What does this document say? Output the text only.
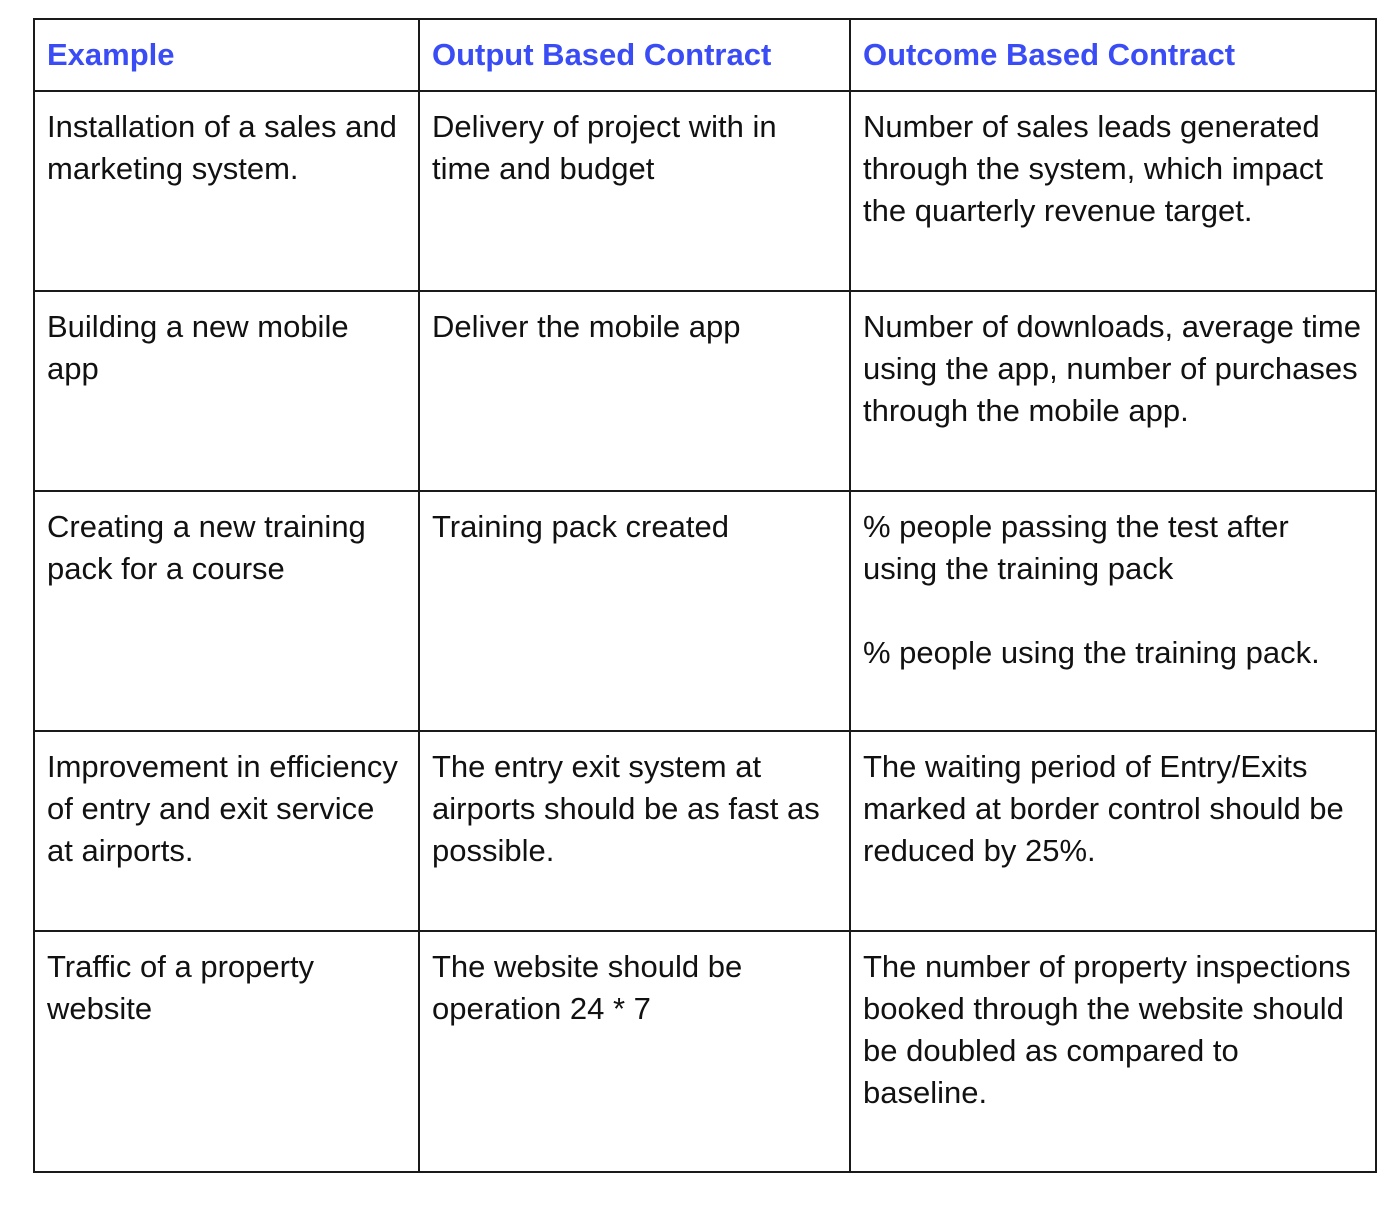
Example	Output Based Contract	Outcome Based Contract
Installation of a sales and marketing system.	Delivery of project with in time and budget	Number of sales leads generated through the system, which impact the quarterly revenue target.

Building a new mobile app	Deliver the mobile app	Number of downloads, average time using the app, number of purchases through the mobile app.

Creating a new training pack for a course	Training pack created	% people passing the test after using the training pack
% people using the training pack.

Improvement in efficiency of entry and exit service at airports.	The entry exit system at airports should be as fast as possible.	The waiting period of Entry/Exits marked at border control should be reduced by 25%.

Traffic of a property website	The website should be operation 24 * 7	The number of property inspections booked through the website should be doubled as compared to baseline.
